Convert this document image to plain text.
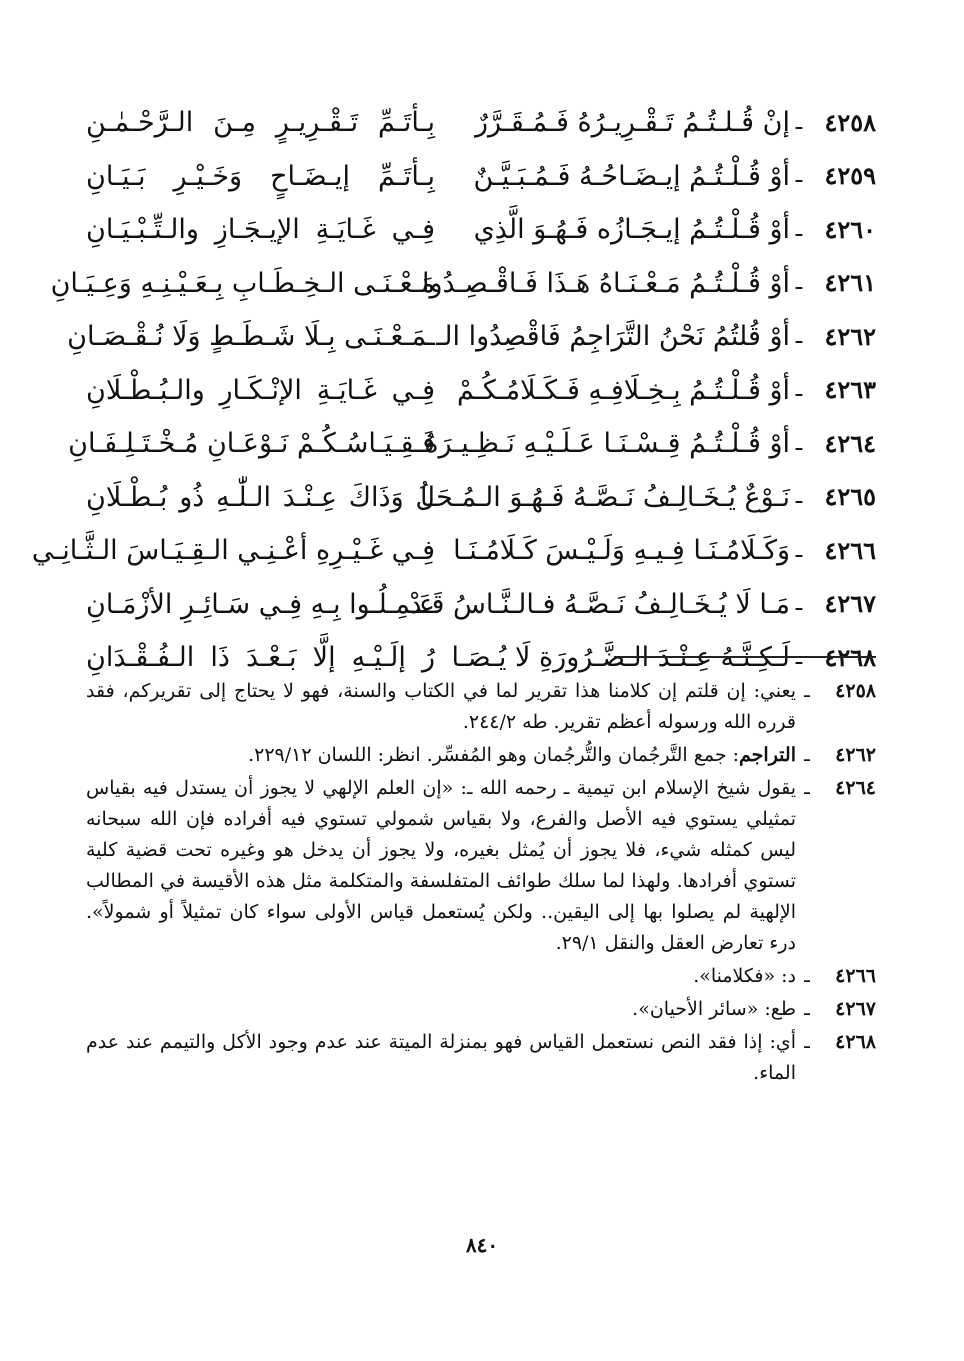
٤٢٥٨
ـ
إنْ قُـلـتُـمُ تَـقْـرِيـرُهُ فَـمُـقَـرَّرٌ
بِـأتَـمِّ تَـقْـرِيـرٍ مِـنَ الـرَّحْـمٰـنِ
٤٢٥٩
ـ
أوْ قُـلْـتُـمُ إيـضَـاحُـهُ فَـمُـبَـيَّـنٌ
بِـأتَـمِّ إيـضَـاحٍ وَخَـيْـرِ بَـيَـانِ
٤٢٦٠
ـ
أوْ قُـلْـتُـمُ إيـجَـازُه فَـهُـوَ الَّذِي
فِـي غَـايَـةِ الإيـجَـازِ والـتِّـبْـيَـانِ
٤٢٦١
ـ
أوْ قُـلْـتُـمُ مَـعْـنَـاهُ هَـذَا فَـاقْـصِـدُوا
مَـعْـنَـى الـخِـطَـابِ بِـعَـيْـنِـهِ وَعِـيَـانِ
٤٢٦٢
ـ
أوْ قُلتُمُ نَحْنُ التَّرَاجِمُ فَاقْصِدُوا الـ
ـمَـعْـنَـى بِـلَا شَـطَـطٍ وَلَا نُـقْـصَـانِ
٤٢٦٣
ـ
أوْ قُـلْـتُـمُ بِـخِـلَافِـهِ فَـكَـلَامُـكُـمْ
فِـي غَـايَـةِ الإنْـكَـارِ والـبُـطْـلَانِ
٤٢٦٤
ـ
أوْ قُـلْـتُـمُ قِـسْـنَـا عَـلَـيْـهِ نَـظِـيـرَهُ
فَـقِـيَـاسُـكُـمْ نَـوْعَـانِ مُـخْـتَـلِـفَـانِ
٤٢٦٥
ـ
نَـوْعٌ يُـخَـالِـفُ نَـصَّـهُ فَـهُـوَ الـمُـحَـا
لُ وَذَاكَ عِـنْـدَ الـلّٰـهِ ذُو بُـطْـلَانِ
٤٢٦٦
ـ
وَكَـلَامُـنَـا فِـيـهِ وَلَـيْـسَ كَـلَامُـنَـا
فِـي غَـيْـرِهِ أعْـنِـي الـقِـيَـاسَ الـثَّـانِـي
٤٢٦٧
ـ
مَـا لَا يُـخَـالِـفُ نَـصَّـهُ فـالـنَّـاسُ قَـدْ
عَـمِـلُـوا بِـهِ فِـي سَـائِـرِ الأزْمَـانِ
٤٢٦٨
ـ
لَـكِـنَّـهُ عِـنْـدَ الـضَّـرُورَةِ لَا يُـصَـا
رُ إلَـيْـهِ إلَّا بَـعْـدَ ذَا الـفُـقْـدَانِ
٤٢٥٨
ـ
يعني: إن قلتم إن كلامنا هذا تقرير لما في الكتاب والسنة، فهو لا يحتاج إلى تقريركم، فقد قرره الله ورسوله أعظم تقرير. طه ٢٤٤/٢.
٤٢٦٢
ـ
التراجم: جمع التَّرجُمان والتُّرجُمان وهو المُفسِّر. انظر: اللسان ٢٢٩/١٢.
٤٢٦٤
ـ
يقول شيخ الإسلام ابن تيمية ـ رحمه الله ـ: «إن العلم الإلهي لا يجوز أن يستدل فيه بقياس تمثيلي يستوي فيه الأصل والفرع، ولا بقياس شمولي تستوي فيه أفراده فإن الله سبحانه ليس كمثله شيء، فلا يجوز أن يُمثل بغيره، ولا يجوز أن يدخل هو وغيره تحت قضية كلية تستوي أفرادها. ولهذا لما سلك طوائف المتفلسفة والمتكلمة مثل هذه الأقيسة في المطالب الإلهية لم يصلوا بها إلى اليقين.. ولكن يُستعمل قياس الأولى سواء كان تمثيلاً أو شمولاً». درء تعارض العقل والنقل ٢٩/١.
٤٢٦٦
ـ
د: «فكلامنا».
٤٢٦٧
ـ
طع: «سائر الأحيان».
٤٢٦٨
ـ
أي: إذا فقد النص نستعمل القياس فهو بمنزلة الميتة عند عدم وجود الأكل والتيمم عند عدم الماء.
٨٤٠
